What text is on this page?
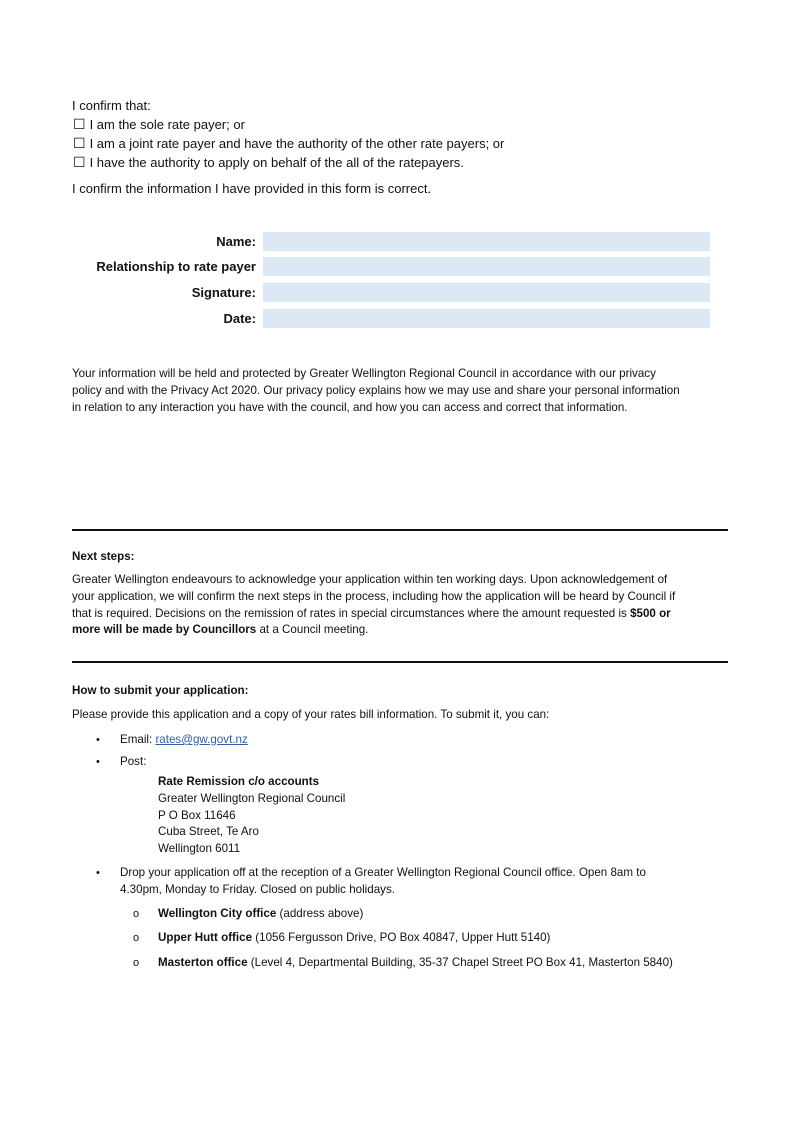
I confirm that:
☐ I am the sole rate payer; or
☐ I am a joint rate payer and have the authority of the other rate payers; or
☐ I have the authority to apply on behalf of the all of the ratepayers.
I confirm the information I have provided in this form is correct.
Name:
Relationship to rate payer
Signature:
Date:
Your information will be held and protected by Greater Wellington Regional Council in accordance with our privacy
policy and with the Privacy Act 2020. Our privacy policy explains how we may use and share your personal information
in relation to any interaction you have with the council, and how you can access and correct that information.
Next steps:
Greater Wellington endeavours to acknowledge your application within ten working days. Upon acknowledgement of
your application, we will confirm the next steps in the process, including how the application will be heard by Council if
that is required. Decisions on the remission of rates in special circumstances where the amount requested is $500 or
more will be made by Councillors at a Council meeting.
How to submit your application:
Please provide this application and a copy of your rates bill information. To submit it, you can:
• Email: rates@gw.govt.nz
• Post:
Rate Remission c/o accounts
Greater Wellington Regional Council
P O Box 11646
Cuba Street, Te Aro
Wellington 6011
• Drop your application off at the reception of a Greater Wellington Regional Council office. Open 8am to
4.30pm, Monday to Friday. Closed on public holidays.
o Wellington City office (address above)
o Upper Hutt office (1056 Fergusson Drive, PO Box 40847, Upper Hutt 5140)
o Masterton office (Level 4, Departmental Building, 35-37 Chapel Street PO Box 41, Masterton 5840)
